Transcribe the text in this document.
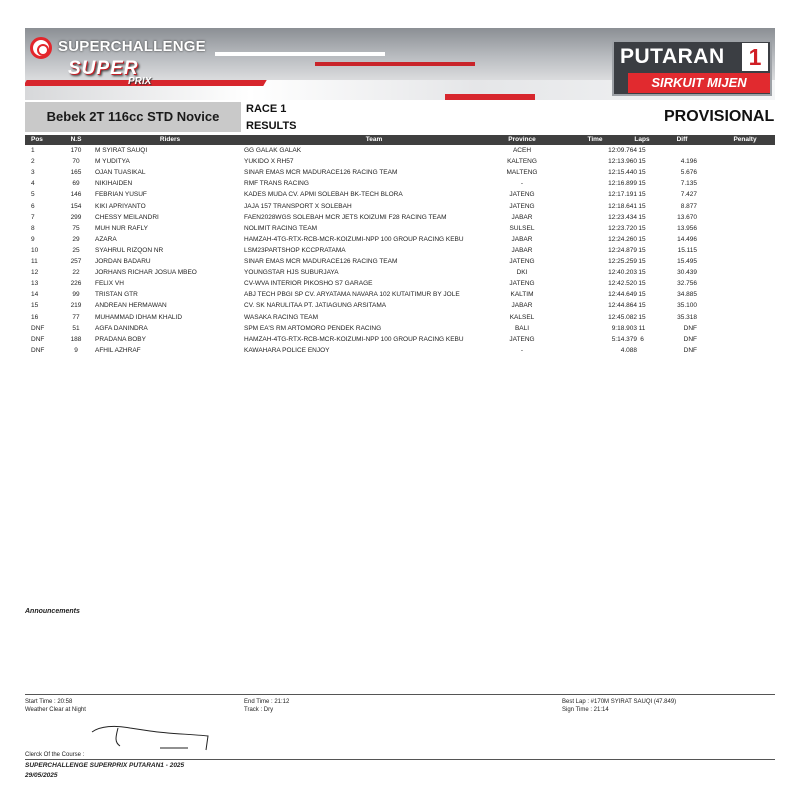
SUPERCHALLENGE
SUPER
PRIX
PUTARAN 1
SIRKUIT MIJEN
Bebek 2T 116cc STD Novice	RACE 1
RESULTS
PROVISIONAL
Pos	N.S	Riders	Team	Province	Time	Laps	Diff	Penalty
1	170	M SYIRAT SAUQI	GG GALAK GALAK	ACEH	12:09.764 15
2	70	M YUDITYA	YUKIDO X RH57	KALTENG	12:13.960 15	4.196
3	165	OJAN TUASIKAL	SINAR EMAS MCR MADURACE126 RACING TEAM	MALTENG	12:15.440 15	5.676
4	69	NIKIHAIDEN	RMF TRANS RACING	-	12:16.899 15	7.135
5	146	FEBRIAN YUSUF	KADES MUDA CV. APMI SOLEBAH BK-TECH BLORA	JATENG	12:17.191 15	7.427
6	154	KIKI APRIYANTO	JAJA 157 TRANSPORT X SOLEBAH	JATENG	12:18.641 15	8.877
7	299	CHESSY MEILANDRI	FAEN2028WGS SOLEBAH MCR JETS KOIZUMI F28 RACING TEAM	JABAR	12:23.434 15	13.670
8	75	MUH NUR RAFLY	NOLIMIT RACING TEAM	SULSEL	12:23.720 15	13.956
9	29	AZARA	HAMZAH-4TG-RTX-RCB-MCR-KOIZUMI-NPP 100 GROUP RACING KEBU	JABAR	12:24.260 15	14.496
10	25	SYAHRUL RIZQON NR	LSM23PARTSHOP KCCPRATAMA	JABAR	12:24.879 15	15.115
11	257	JORDAN BADARU	SINAR EMAS MCR MADURACE126 RACING TEAM	JATENG	12:25.259 15	15.495
12	22	JORHANS RICHAR JOSUA MBEO	YOUNGSTAR HJS SUBURJAYA	DKI	12:40.203 15	30.439
13	226	FELIX VH	CV-WVA INTERIOR PIKOSHO S7 GARAGE	JATENG	12:42.520 15	32.756
14	99	TRISTAN GTR	ABJ TECH PBGI SP CV. ARYATAMA NAVARA 102 KUTAITIMUR BY JOLE	KALTIM	12:44.649 15	34.885
15	219	ANDREAN HERMAWAN	CV. SK NARULITAA PT. JATIAGUNG ARSITAMA	JABAR	12:44.864 15	35.100
16	77	MUHAMMAD IDHAM KHALID	WASAKA RACING TEAM	KALSEL	12:45.082 15	35.318
DNF	51	AGFA DANINDRA	SPM EA'S RM ARTOMORO PENDEK RACING	BALI	9:18.903 11	DNF
DNF	188	PRADANA BOBY	HAMZAH-4TG-RTX-RCB-MCR-KOIZUMI-NPP 100 GROUP RACING KEBU	JATENG	5:14.379 6	DNF
DNF	9	AFHIL AZHRAF	KAWAHARA POLICE ENJOY	-	4.088	DNF
Announcements
Start Time : 20:58
Weather Clear at Night
End Time : 21:12
Track : Dry
Best Lap : #170M SYIRAT SAUQI (47.849)
Sign Time : 21:14
Clerck Of the Course :
SUPERCHALLENGE SUPERPRIX PUTARAN1 - 2025
29/05/2025
